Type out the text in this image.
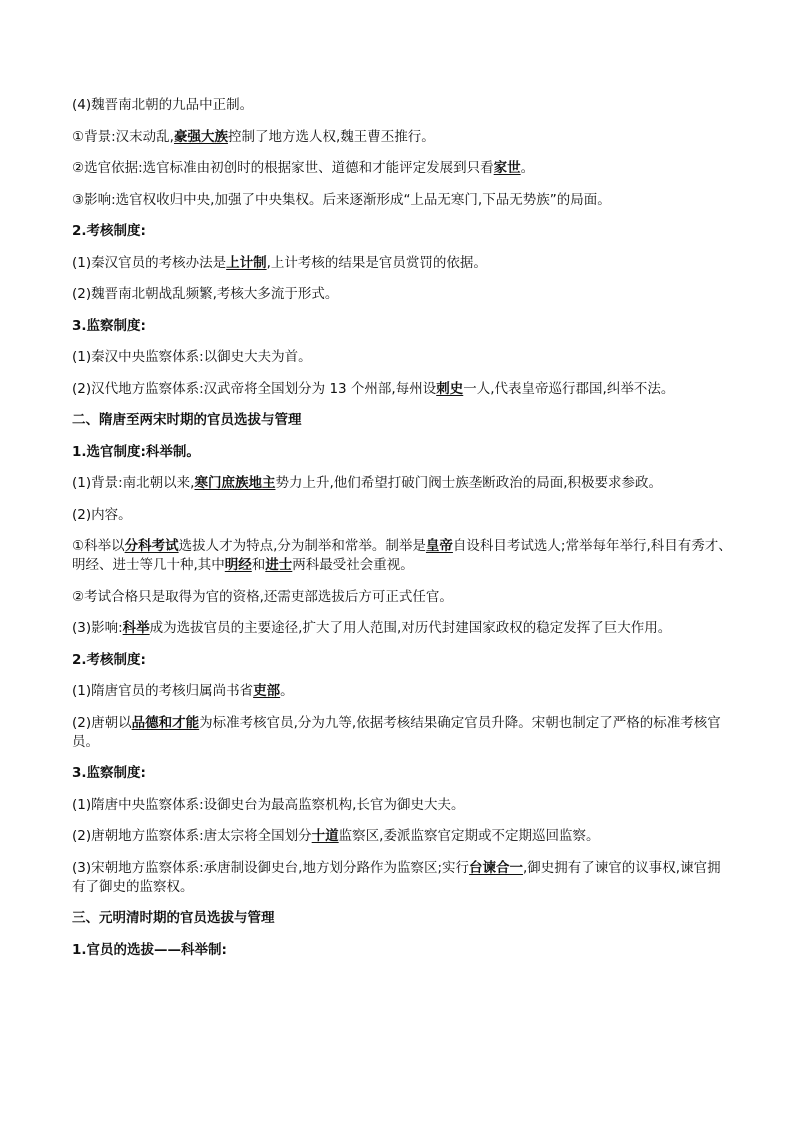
(4)魏晋南北朝的九品中正制。

①背景:汉末动乱,豪强大族控制了地方选人权,魏王曹丕推行。

②选官依据:选官标准由初创时的根据家世、道德和才能评定发展到只看家世。

③影响:选官权收归中央,加强了中央集权。后来逐渐形成“上品无寒门,下品无势族”的局面。

2.考核制度:

(1)秦汉官员的考核办法是上计制,上计考核的结果是官员赏罚的依据。

(2)魏晋南北朝战乱频繁,考核大多流于形式。

3.监察制度:

(1)秦汉中央监察体系:以御史大夫为首。

(2)汉代地方监察体系:汉武帝将全国划分为 13 个州部,每州设刺史一人,代表皇帝巡行郡国,纠举不法。

二、隋唐至两宋时期的官员选拔与管理

1.选官制度:科举制。

(1)背景:南北朝以来,寒门庶族地主势力上升,他们希望打破门阀士族垄断政治的局面,积极要求参政。

(2)内容。

①科举以分科考试选拔人才为特点,分为制举和常举。制举是皇帝自设科目考试选人;常举每年举行,科目有秀才、明经、进士等几十种,其中明经和进士两科最受社会重视。

②考试合格只是取得为官的资格,还需吏部选拔后方可正式任官。

(3)影响:科举成为选拔官员的主要途径,扩大了用人范围,对历代封建国家政权的稳定发挥了巨大作用。

2.考核制度:

(1)隋唐官员的考核归属尚书省吏部。

(2)唐朝以品德和才能为标准考核官员,分为九等,依据考核结果确定官员升降。宋朝也制定了严格的标准考核官员。

3.监察制度:

(1)隋唐中央监察体系:设御史台为最高监察机构,长官为御史大夫。

(2)唐朝地方监察体系:唐太宗将全国划分十道监察区,委派监察官定期或不定期巡回监察。

(3)宋朝地方监察体系:承唐制设御史台,地方划分路作为监察区;实行台谏合一,御史拥有了谏官的议事权,谏官拥有了御史的监察权。

三、元明清时期的官员选拔与管理

1.官员的选拔——科举制:
